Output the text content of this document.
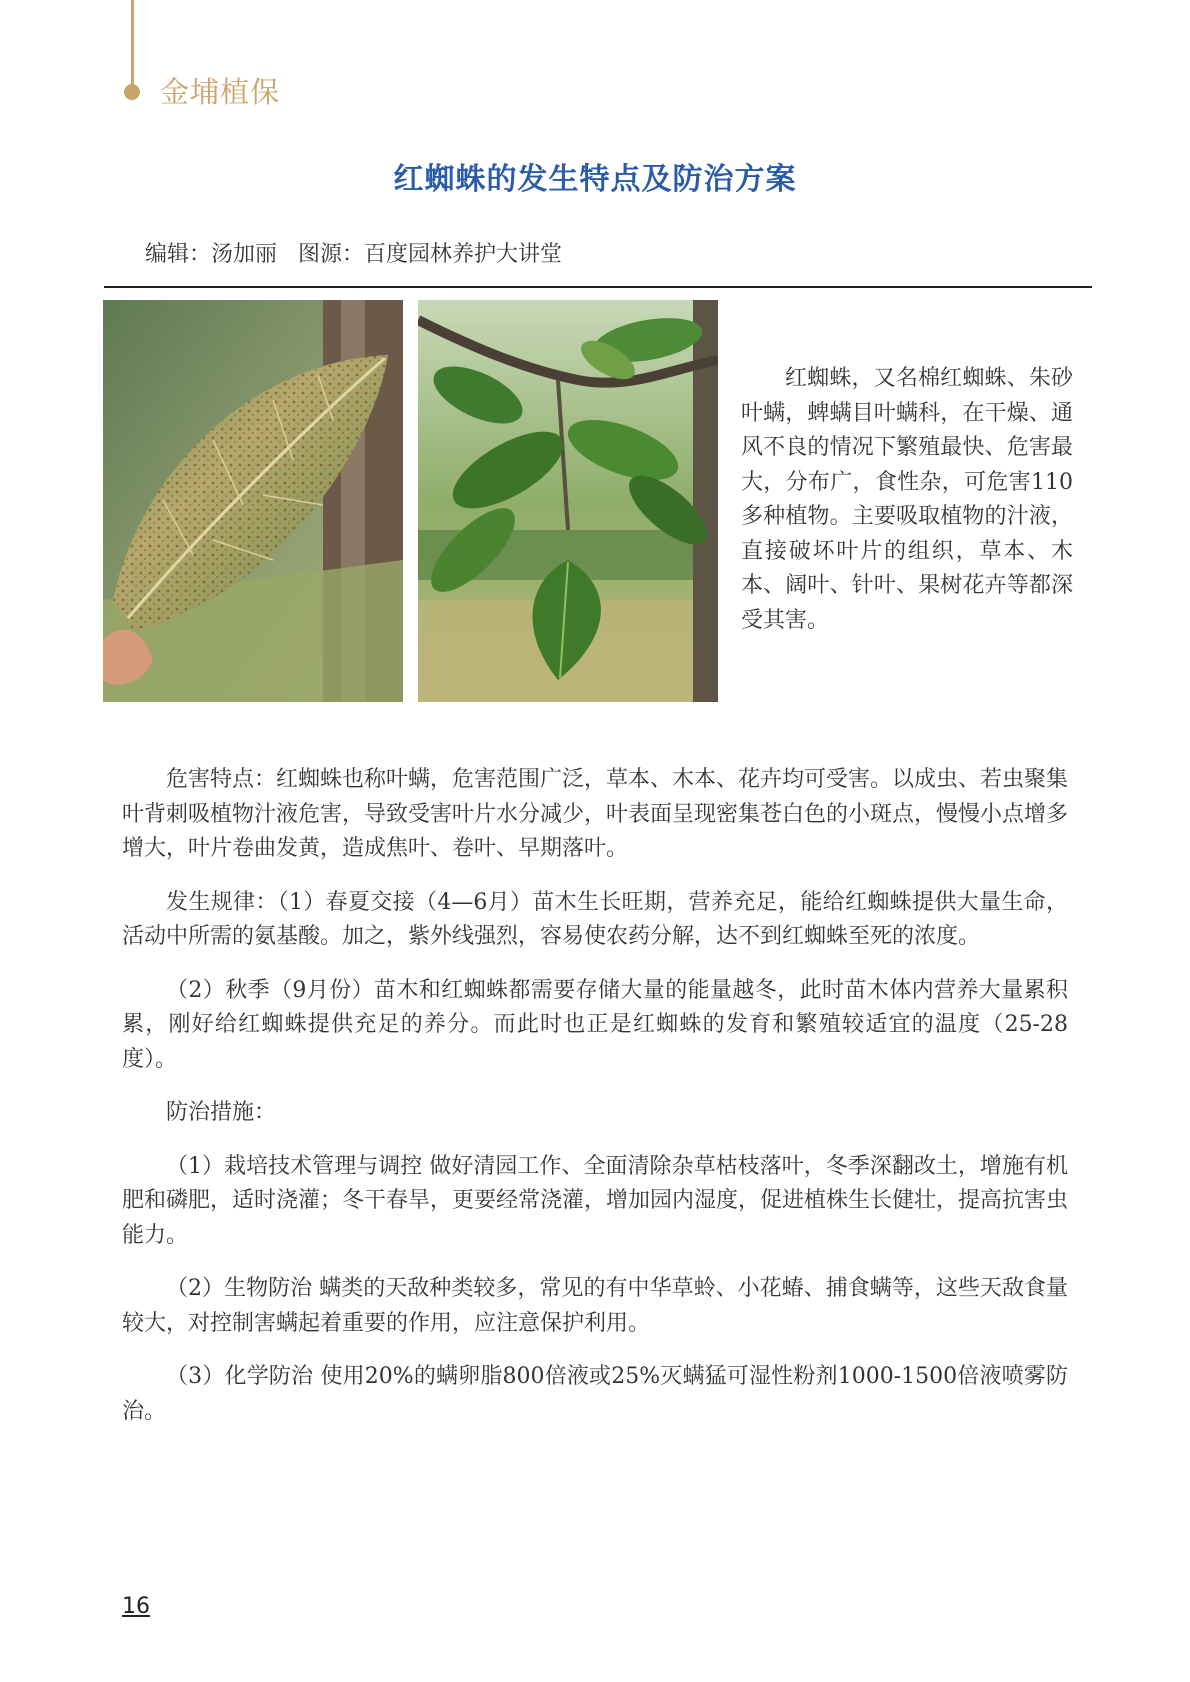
金埔植保
红蜘蛛的发生特点及防治方案
编辑：汤加丽   图源：百度园林养护大讲堂

红蜘蛛，又名棉红蜘蛛、朱砂叶螨，蜱螨目叶螨科，在干燥、通风不良的情况下繁殖最快、危害最大，分布广，食性杂，可危害110多种植物。主要吸取植物的汁液，直接破坏叶片的组织，草本、木本、阔叶、针叶、果树花卉等都深受其害。

危害特点：红蜘蛛也称叶螨，危害范围广泛，草本、木本、花卉均可受害。以成虫、若虫聚集叶背刺吸植物汁液危害，导致受害叶片水分减少，叶表面呈现密集苍白色的小斑点，慢慢小点增多增大，叶片卷曲发黄，造成焦叶、卷叶、早期落叶。

发生规律：（1）春夏交接（4—6月）苗木生长旺期，营养充足，能给红蜘蛛提供大量生命，活动中所需的氨基酸。加之，紫外线强烈，容易使农药分解，达不到红蜘蛛至死的浓度。

（2）秋季（9月份）苗木和红蜘蛛都需要存储大量的能量越冬，此时苗木体内营养大量累积累，刚好给红蜘蛛提供充足的养分。而此时也正是红蜘蛛的发育和繁殖较适宜的温度（25-28度）。

防治措施：

（1）栽培技术管理与调控 做好清园工作、全面清除杂草枯枝落叶，冬季深翻改土，增施有机肥和磷肥，适时浇灌；冬干春旱，更要经常浇灌，增加园内湿度，促进植株生长健壮，提高抗害虫能力。

（2）生物防治 螨类的天敌种类较多，常见的有中华草蛉、小花蝽、捕食螨等，这些天敌食量较大，对控制害螨起着重要的作用，应注意保护利用。

（3）化学防治 使用20%的螨卵脂800倍液或25%灭螨猛可湿性粉剂1000-1500倍液喷雾防治。

16
